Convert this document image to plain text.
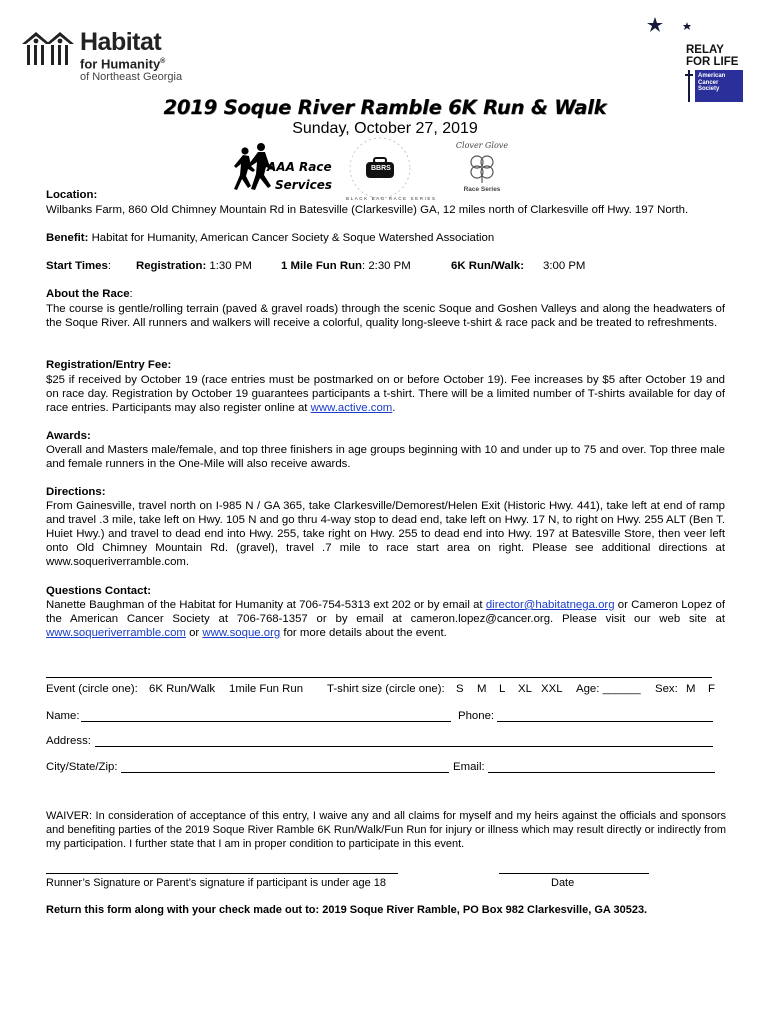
Habitat
for Humanity®
of Northeast Georgia
RELAY
FOR LIFE
American
Cancer
Society
2019 Soque River Ramble 6K Run & Walk
Sunday, October 27, 2019
AAA Race
Services
BBRS
BLACK BAG RACE SERIES
Clover Glove
Race Series
Location:
Wilbanks Farm, 860 Old Chimney Mountain Rd in Batesville (Clarkesville) GA, 12 miles north of Clarkesville off Hwy. 197 North.
Benefit: Habitat for Humanity, American Cancer Society & Soque Watershed Association
Start Times: Registration: 1:30 PM	1 Mile Fun Run: 2:30 PM	6K Run/Walk: 3:00 PM
About the Race:
The course is gentle/rolling terrain (paved & gravel roads) through the scenic Soque and Goshen Valleys and along the headwaters of the Soque River. All runners and walkers will receive a colorful, quality long-sleeve t-shirt & race pack and be treated to refreshments.
Registration/Entry Fee:
$25 if received by October 19 (race entries must be postmarked on or before October 19). Fee increases by $5 after October 19 and on race day. Registration by October 19 guarantees participants a t-shirt. There will be a limited number of T-shirts available for day of race entries. Participants may also register online at www.active.com.
Awards:
Overall and Masters male/female, and top three finishers in age groups beginning with 10 and under up to 75 and over. Top three male and female runners in the One-Mile will also receive awards.
Directions:
From Gainesville, travel north on I-985 N / GA 365, take Clarkesville/Demorest/Helen Exit (Historic Hwy. 441), take left at end of ramp and travel .3 mile, take left on Hwy. 105 N and go thru 4-way stop to dead end, take left on Hwy. 17 N, to right on Hwy. 255 ALT (Ben T. Huiet Hwy.) and travel to dead end into Hwy. 255, take right on Hwy. 255 to dead end into Hwy. 197 at Batesville Store, then veer left onto Old Chimney Mountain Rd. (gravel), travel .7 mile to race start area on right. Please see additional directions at www.soqueriverramble.com.
Questions Contact:
Nanette Baughman of the Habitat for Humanity at 706-754-5313 ext 202 or by email at director@habitatnega.org or Cameron Lopez of the American Cancer Society at 706-768-1357 or by email at cameron.lopez@cancer.org. Please visit our web site at www.soqueriverramble.com or www.soque.org for more details about the event.
Event (circle one): 6K Run/Walk 1mile Fun Run T-shirt size (circle one): S M L XL XXL Age: ______ Sex: M F
Name:	Phone:
Address:
City/State/Zip:	Email:
WAIVER: In consideration of acceptance of this entry, I waive any and all claims for myself and my heirs against the officials and sponsors and benefiting parties of the 2019 Soque River Ramble 6K Run/Walk/Fun Run for injury or illness which may result directly or indirectly from my participation. I further state that I am in proper condition to participate in this event.
Runner’s Signature or Parent’s signature if participant is under age 18	Date
Return this form along with your check made out to: 2019 Soque River Ramble, PO Box 982 Clarkesville, GA 30523.
